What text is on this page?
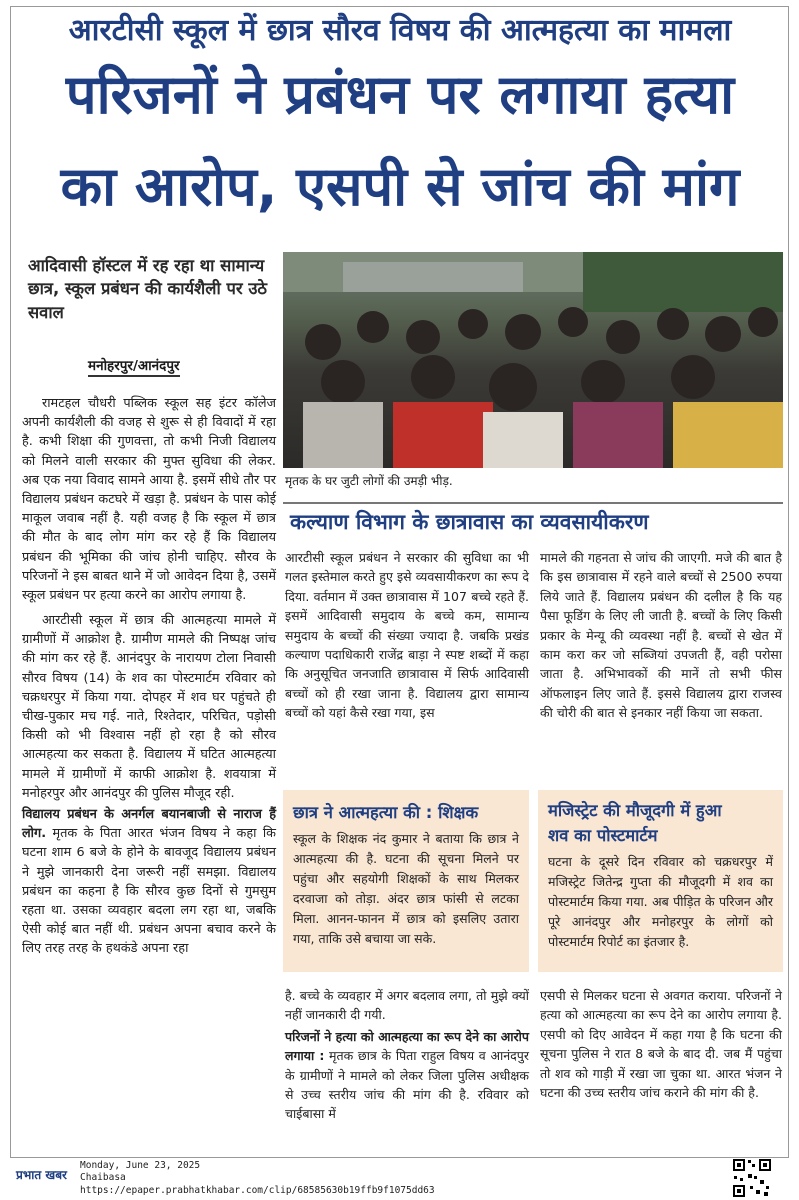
आरटीसी स्कूल में छात्र सौरव विषय की आत्महत्या का मामला
परिजनों ने प्रबंधन पर लगाया हत्या
का आरोप, एसपी से जांच की मांग
आदिवासी हॉस्टल में रह रहा था सामान्य छात्र, स्कूल प्रबंधन की कार्यशैली पर उठे सवाल
मनोहरपुर/आनंदपुर

रामटहल चौधरी पब्लिक स्कूल सह इंटर कॉलेज अपनी कार्यशैली की वजह से शुरू से ही विवादों में रहा है. कभी शिक्षा की गुणवत्ता, तो कभी निजी विद्यालय को मिलने वाली सरकार की मुफ्त सुविधा की लेकर. अब एक नया विवाद सामने आया है. इसमें सीधे तौर पर विद्यालय प्रबंधन कटघरे में खड़ा है. प्रबंधन के पास कोई माकूल जवाब नहीं है. यही वजह है कि स्कूल में छात्र की मौत के बाद लोग मांग कर रहे हैं कि विद्यालय प्रबंधन की भूमिका की जांच होनी चाहिए. सौरव के परिजनों ने इस बाबत थाने में जो आवेदन दिया है, उसमें स्कूल प्रबंधन पर हत्या करने का आरोप लगाया है.

आरटीसी स्कूल में छात्र की आत्महत्या मामले में ग्रामीणों में आक्रोश है. ग्रामीण मामले की निष्पक्ष जांच की मांग कर रहे हैं. आनंदपुर के नारायण टोला निवासी सौरव विषय (14) के शव का पोस्टमार्टम रविवार को चक्रधरपुर में किया गया. दोपहर में शव घर पहुंचते ही चीख-पुकार मच गई. नाते, रिश्तेदार, परिचित, पड़ोसी किसी को भी विश्वास नहीं हो रहा है को सौरव आत्महत्या कर सकता है. विद्यालय में घटित आत्महत्या मामले में ग्रामीणों में काफी आक्रोश है. शवयात्रा में मनोहरपुर और आनंदपुर की पुलिस मौजूद रही.

विद्यालय प्रबंधन के अनर्गल बयानबाजी से नाराज हैं लोग. मृतक के पिता आरत भंजन विषय ने कहा कि घटना शाम 6 बजे के होने के बावजूद विद्यालय प्रबंधन ने मुझे जानकारी देना जरूरी नहीं समझा. विद्यालय प्रबंधन का कहना है कि सौरव कुछ दिनों से गुमसुम रहता था. उसका व्यवहार बदला लग रहा था, जबकि ऐसी कोई बात नहीं थी. प्रबंधन अपना बचाव करने के लिए तरह तरह के हथकंडे अपना रहा

मृतक के घर जुटी लोगों की उमड़ी भीड़.
कल्याण विभाग के छात्रावास का व्यवसायीकरण
आरटीसी स्कूल प्रबंधन ने सरकार की सुविधा का भी गलत इस्तेमाल करते हुए इसे व्यवसायीकरण का रूप दे दिया. वर्तमान में उक्त छात्रावास में 107 बच्चे रहते हैं. इसमें आदिवासी समुदाय के बच्चे कम, सामान्य समुदाय के बच्चों की संख्या ज्यादा है. जबकि प्रखंड कल्याण पदाधिकारी राजेंद्र बाड़ा ने स्पष्ट शब्दों में कहा कि अनुसूचित जनजाति छात्रावास में सिर्फ आदिवासी बच्चों को ही रखा जाना है. विद्यालय द्वारा सामान्य बच्चों को यहां कैसे रखा गया, इस
मामले की गहनता से जांच की जाएगी. मजे की बात है कि इस छात्रावास में रहने वाले बच्चों से 2500 रुपया लिये जाते हैं. विद्यालय प्रबंधन की दलील है कि यह पैसा फूडिंग के लिए ली जाती है. बच्चों के लिए किसी प्रकार के मेन्यू की व्यवस्था नहीं है. बच्चों से खेत में काम करा कर जो सब्जियां उपजती हैं, वही परोसा जाता है. अभिभावकों की मानें तो सभी फीस ऑफलाइन लिए जाते हैं. इससे विद्यालय द्वारा राजस्व की चोरी की बात से इनकार नहीं किया जा सकता.
छात्र ने आत्महत्या की : शिक्षक
स्कूल के शिक्षक नंद कुमार ने बताया कि छात्र ने आत्महत्या की है. घटना की सूचना मिलने पर पहुंचा और सहयोगी शिक्षकों के साथ मिलकर दरवाजा को तोड़ा. अंदर छात्र फांसी से लटका मिला. आनन-फानन में छात्र को इसलिए उतारा गया, ताकि उसे बचाया जा सके.
मजिस्ट्रेट की मौजूदगी में हुआ
शव का पोस्टमार्टम
घटना के दूसरे दिन रविवार को चक्रधरपुर में मजिस्ट्रेट जितेन्द्र गुप्ता की मौजूदगी में शव का पोस्टमार्टम किया गया. अब पीड़ित के परिजन और पूरे आनंदपुर और मनोहरपुर के लोगों को पोस्टमार्टम रिपोर्ट का इंतजार है.

है. बच्चे के व्यवहार में अगर बदलाव लगा, तो मुझे क्यों नहीं जानकारी दी गयी.

परिजनों ने हत्या को आत्महत्या का रूप देने का आरोप लगाया : मृतक छात्र के पिता राहुल विषय व आनंदपुर के ग्रामीणों ने मामले को लेकर जिला पुलिस अधीक्षक से उच्च स्तरीय जांच की मांग की है. रविवार को चाईबासा में

एसपी से मिलकर घटना से अवगत कराया. परिजनों ने हत्या को आत्महत्या का रूप देने का आरोप लगाया है. एसपी को दिए आवेदन में कहा गया है कि घटना की सूचना पुलिस ने रात 8 बजे के बाद दी. जब मैं पहुंचा तो शव को गाड़ी में रखा जा चुका था. आरत भंजन ने घटना की उच्च स्तरीय जांच कराने की मांग की है.
प्रभात खबर
Monday, June 23, 2025
Chaibasa
https://epaper.prabhatkhabar.com/clip/68585630b19ffb9f1075dd63
